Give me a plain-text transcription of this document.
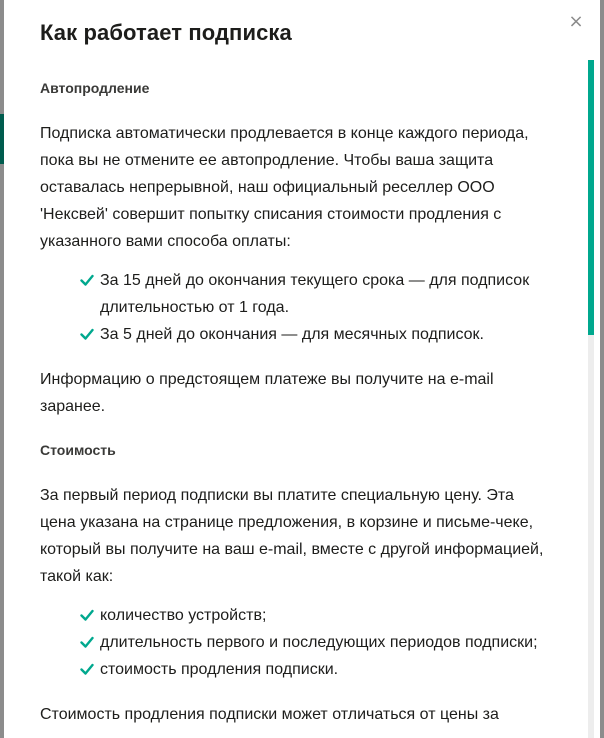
×
Как работает подписка
Автопродление

Подписка автоматически продлевается в конце каждого периода, пока вы не отмените ее автопродление. Чтобы ваша защита оставалась непрерывной, наш официальный реселлер ООО 'Нексвей' совершит попытку списания стоимости продления с указанного вами способа оплаты:

За 15 дней до окончания текущего срока — для подписок длительностью от 1 года.
За 5 дней до окончания — для месячных подписок.

Информацию о предстоящем платеже вы получите на e-mail заранее.

Стоимость

За первый период подписки вы платите специальную цену. Эта цена указана на странице предложения, в корзине и письме-чеке, который вы получите на ваш e-mail, вместе с другой информацией, такой как:

количество устройств;
длительность первого и последующих периодов подписки;
стоимость продления подписки.

Стоимость продления подписки может отличаться от цены за
